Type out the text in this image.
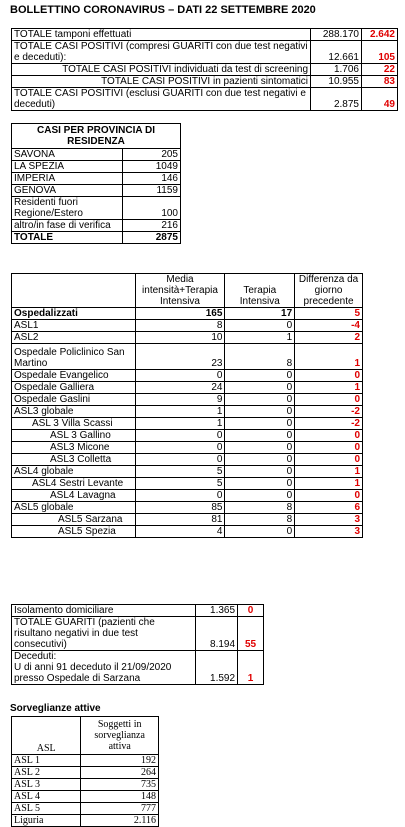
BOLLETTINO CORONAVIRUS – DATI 22 SETTEMBRE 2020
TOTALE tamponi effettuati	288.170	2.642
TOTALE CASI POSITIVI (compresi GUARITI con due test negativi e deceduti):	12.661	105
TOTALE CASI POSITIVI individuati da test di screening	1.706	22
TOTALE CASI POSITIVI in pazienti sintomatici	10.955	83
TOTALE CASI POSITIVI (esclusi GUARITI con due test negativi e deceduti)	2.875	49
CASI PER PROVINCIA DI RESIDENZA	
SAVONA	205
LA SPEZIA	1049
IMPERIA	146
GENOVA	1159
Residenti fuori Regione/Estero	100
altro/in fase di verifica	216
TOTALE	2875
	Media intensità+Terapia Intensiva	Terapia Intensiva	Differenza da giorno precedente
Ospedalizzati	165	17	5
ASL1	8	0	-4
ASL2	10	1	2
Ospedale Policlinico San Martino	23	8	1
Ospedale Evangelico	0	0	0
Ospedale Galliera	24	0	1
Ospedale Gaslini	9	0	0
ASL3 globale	1	0	-2
ASL 3 Villa Scassi	1	0	-2
ASL 3 Gallino	0	0	0
ASL3 Micone	0	0	0
ASL3 Colletta	0	0	0
ASL4 globale	5	0	1
ASL4 Sestri Levante	5	0	1
ASL4 Lavagna	0	0	0
ASL5 globale	85	8	6
ASL5 Sarzana	81	8	3
ASL5 Spezia	4	0	3
Isolamento domiciliare	1.365	0
TOTALE GUARITI (pazienti che risultano negativi in due test consecutivi)	8.194	55
Deceduti:
U di anni 91 deceduto il 21/09/2020 presso Ospedale di Sarzana	1.592	1
Sorveglianze attive
ASL	Soggetti in sorveglianza attiva
ASL 1	192
ASL 2	264
ASL 3	735
ASL 4	148
ASL 5	777
Liguria	2.116
